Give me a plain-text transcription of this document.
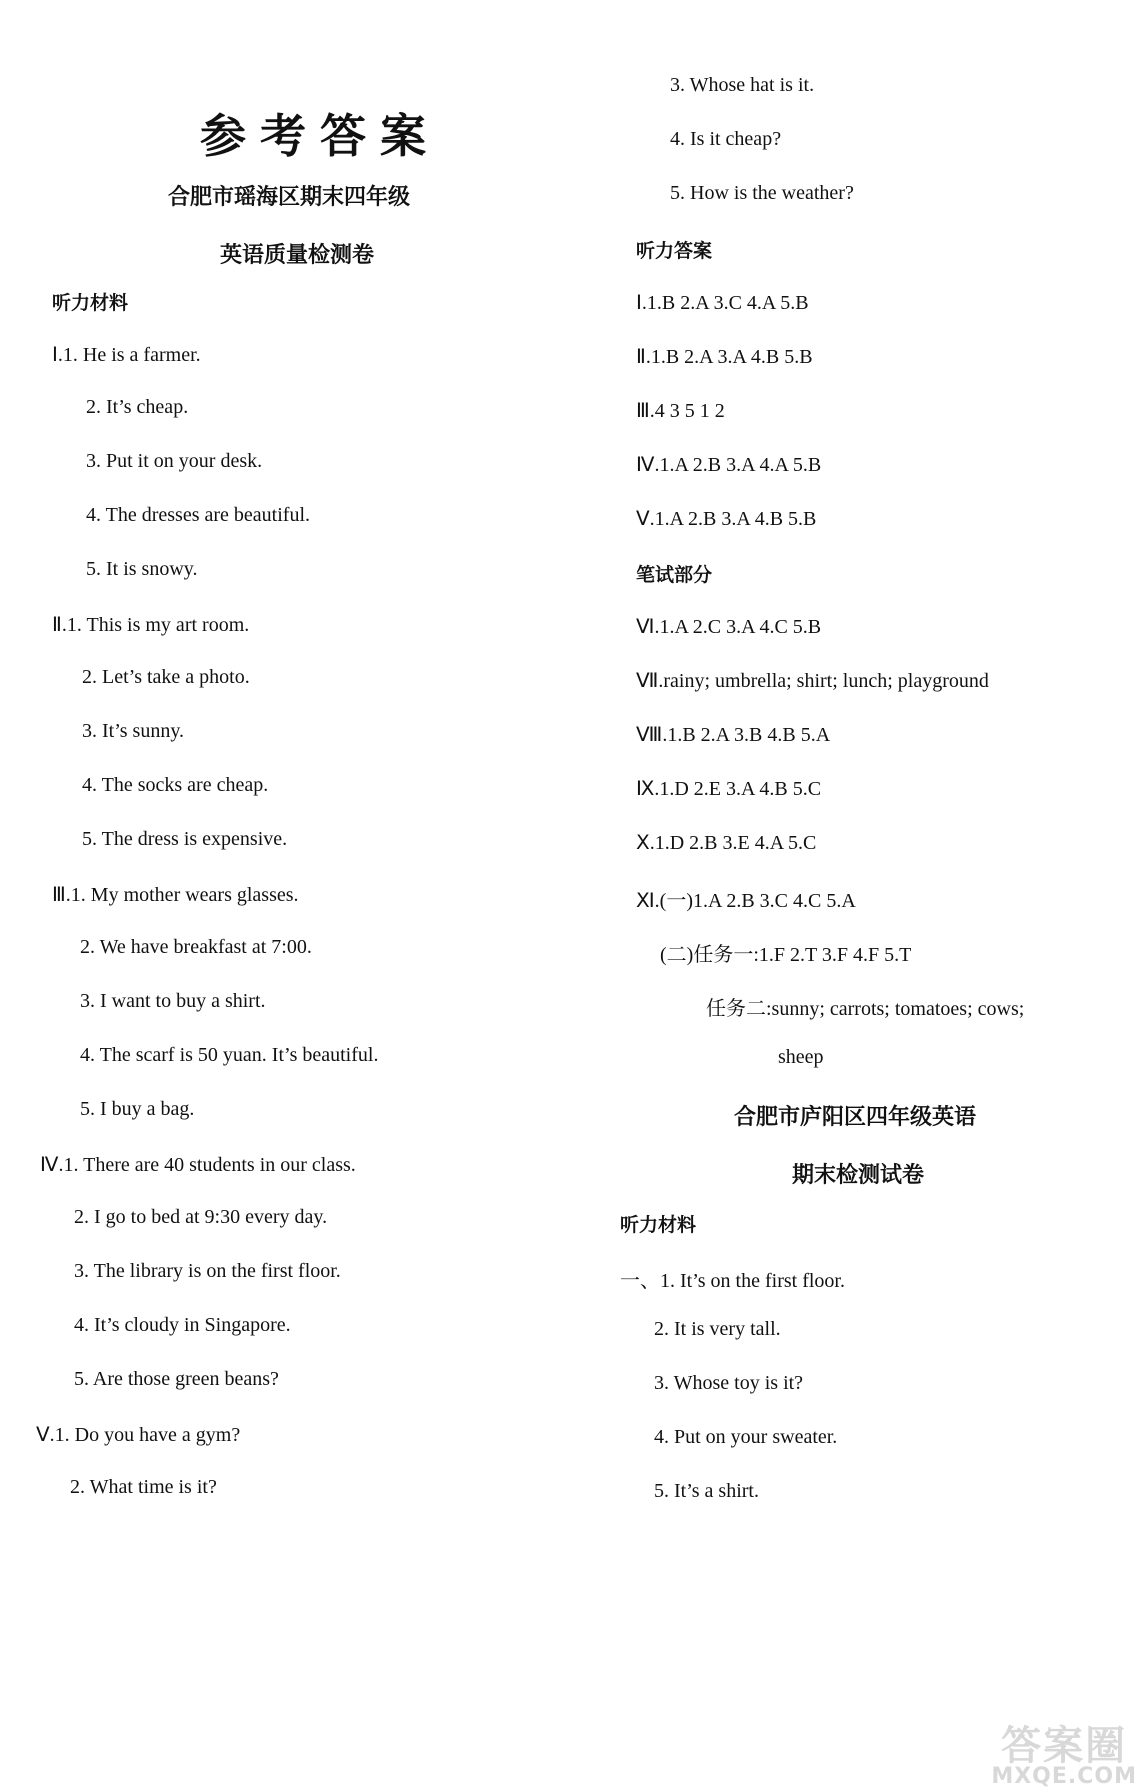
参考答案
合肥市瑶海区期末四年级
英语质量检测卷
听力材料
Ⅰ.1. He is a farmer.
2. It’s cheap.
3. Put it on your desk.
4. The dresses are beautiful.
5. It is snowy.
Ⅱ.1. This is my art room.
2. Let’s take a photo.
3. It’s sunny.
4. The socks are cheap.
5. The dress is expensive.
Ⅲ.1. My mother wears glasses.
2. We have breakfast at 7:00.
3. I want to buy a shirt.
4. The scarf is 50 yuan. It’s beautiful.
5. I buy a bag.
Ⅳ.1. There are 40 students in our class.
2. I go to bed at 9:30 every day.
3. The library is on the first floor.
4. It’s cloudy in Singapore.
5. Are those green beans?
Ⅴ.1. Do you have a gym?
2. What time is it?
3. Whose hat is it.
4. Is it cheap?
5. How is the weather?
听力答案
Ⅰ.1.B 2.A 3.C 4.A 5.B
Ⅱ.1.B 2.A 3.A 4.B 5.B
Ⅲ.4 3 5 1 2
Ⅳ.1.A 2.B 3.A 4.A 5.B
Ⅴ.1.A 2.B 3.A 4.B 5.B
笔试部分
Ⅵ.1.A 2.C 3.A 4.C 5.B
Ⅶ.rainy; umbrella; shirt; lunch; playground
Ⅷ.1.B 2.A 3.B 4.B 5.A
Ⅸ.1.D 2.E 3.A 4.B 5.C
Ⅹ.1.D 2.B 3.E 4.A 5.C
Ⅺ.(一)1.A 2.B 3.C 4.C 5.A
(二)任务一:1.F 2.T 3.F 4.F 5.T
任务二:sunny; carrots; tomatoes; cows;
sheep
合肥市庐阳区四年级英语
期末检测试卷
听力材料
一、1. It’s on the first floor.
2. It is very tall.
3. Whose toy is it?
4. Put on your sweater.
5. It’s a shirt.
答案圈
MXQE.COM
